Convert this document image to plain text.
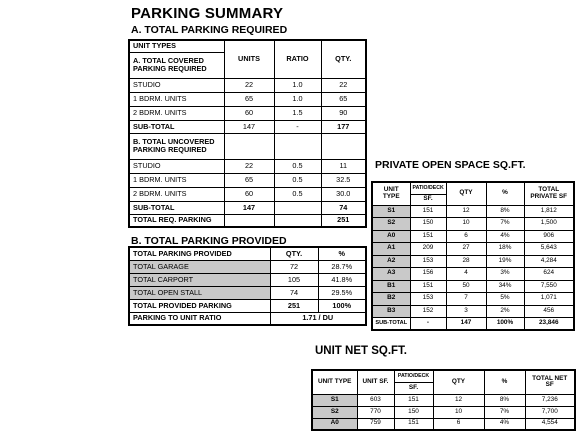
PARKING SUMMARY
A. TOTAL PARKING REQUIRED
UNIT TYPES	UNITS	RATIO	QTY.
A. TOTAL COVERED PARKING REQUIRED			

STUDIO	22	1.0	22
1 BDRM. UNITS	65	1.0	65
2 BDRM. UNITS	60	1.5	90
SUB-TOTAL	147	-	177
B. TOTAL UNCOVERED PARKING REQUIRED			

STUDIO	22	0.5	11
1 BDRM. UNITS	65	0.5	32.5
2 BDRM. UNITS	60	0.5	30.0
SUB-TOTAL	147		74
TOTAL REQ. PARKING			251
B. TOTAL PARKING PROVIDED
TOTAL PARKING PROVIDED	QTY.	%
TOTAL GARAGE	72	28.7%
TOTAL CARPORT	105	41.8%
TOTAL OPEN STALL	74	29.5%
TOTAL PROVIDED PARKING	251	100%
PARKING TO UNIT RATIO	1.71 / DU	
PRIVATE OPEN SPACE SQ.FT.
UNIT TYPE	PATIO/DECK	QTY	%	TOTAL PRIVATE SF
	SF.			
S1	151	12	8%	1,812
S2	150	10	7%	1,500
A0	151	6	4%	906
A1	209	27	18%	5,643
A2	153	28	19%	4,284
A3	156	4	3%	624
B1	151	50	34%	7,550
B2	153	7	5%	1,071
B3	152	3	2%	456
SUB-TOTAL	-	147	100%	23,846
UNIT NET SQ.FT.
UNIT TYPE	UNIT SF.	PATIO/DECK	QTY	%	TOTAL NET SF
		SF.			
S1	603	151	12	8%	7,236
S2	770	150	10	7%	7,700
A0	759	151	6	4%	4,554
